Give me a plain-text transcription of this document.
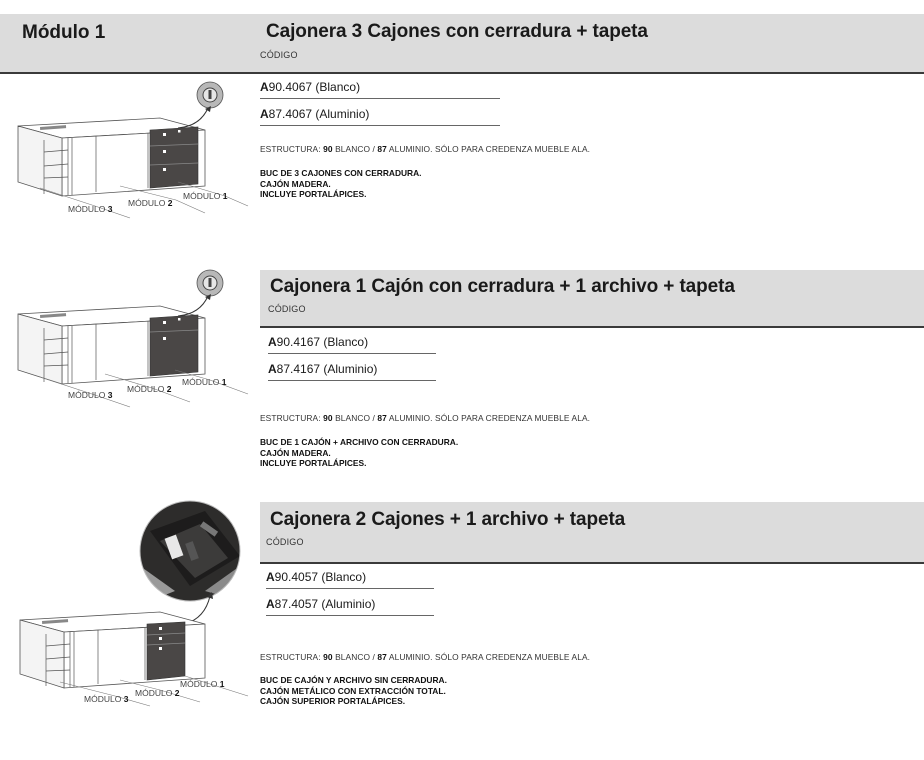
Módulo 1	Cajonera 3 Cajones con cerradura + tapeta
CÓDIGO
A90.4067 (Blanco)
A87.4067 (Aluminio)
ESTRUCTURA: 90 BLANCO / 87 ALUMINIO. SÓLO PARA CREDENZA MUEBLE ALA.
BUC DE 3 CAJONES CON CERRADURA.
CAJÓN MADERA.
INCLUYE PORTALÁPICES.
MÓDULO 3
MÓDULO 2
MÓDULO 1
Cajonera 1 Cajón con cerradura + 1 archivo + tapeta
CÓDIGO
A90.4167 (Blanco)
A87.4167 (Aluminio)
ESTRUCTURA: 90 BLANCO / 87 ALUMINIO. SÓLO PARA CREDENZA MUEBLE ALA.
BUC DE 1 CAJÓN + ARCHIVO CON CERRADURA.
CAJÓN MADERA.
INCLUYE PORTALÁPICES.
MÓDULO 3
MÓDULO 2
MÓDULO 1
Cajonera 2 Cajones + 1 archivo + tapeta
CÓDIGO
A90.4057 (Blanco)
A87.4057 (Aluminio)
ESTRUCTURA: 90 BLANCO / 87 ALUMINIO. SÓLO PARA CREDENZA MUEBLE ALA.
BUC DE CAJÓN Y ARCHIVO SIN CERRADURA.
CAJÓN METÁLICO CON EXTRACCIÓN TOTAL.
CAJÓN SUPERIOR PORTALÁPICES.
MÓDULO 3
MÓDULO 2
MÓDULO 1
